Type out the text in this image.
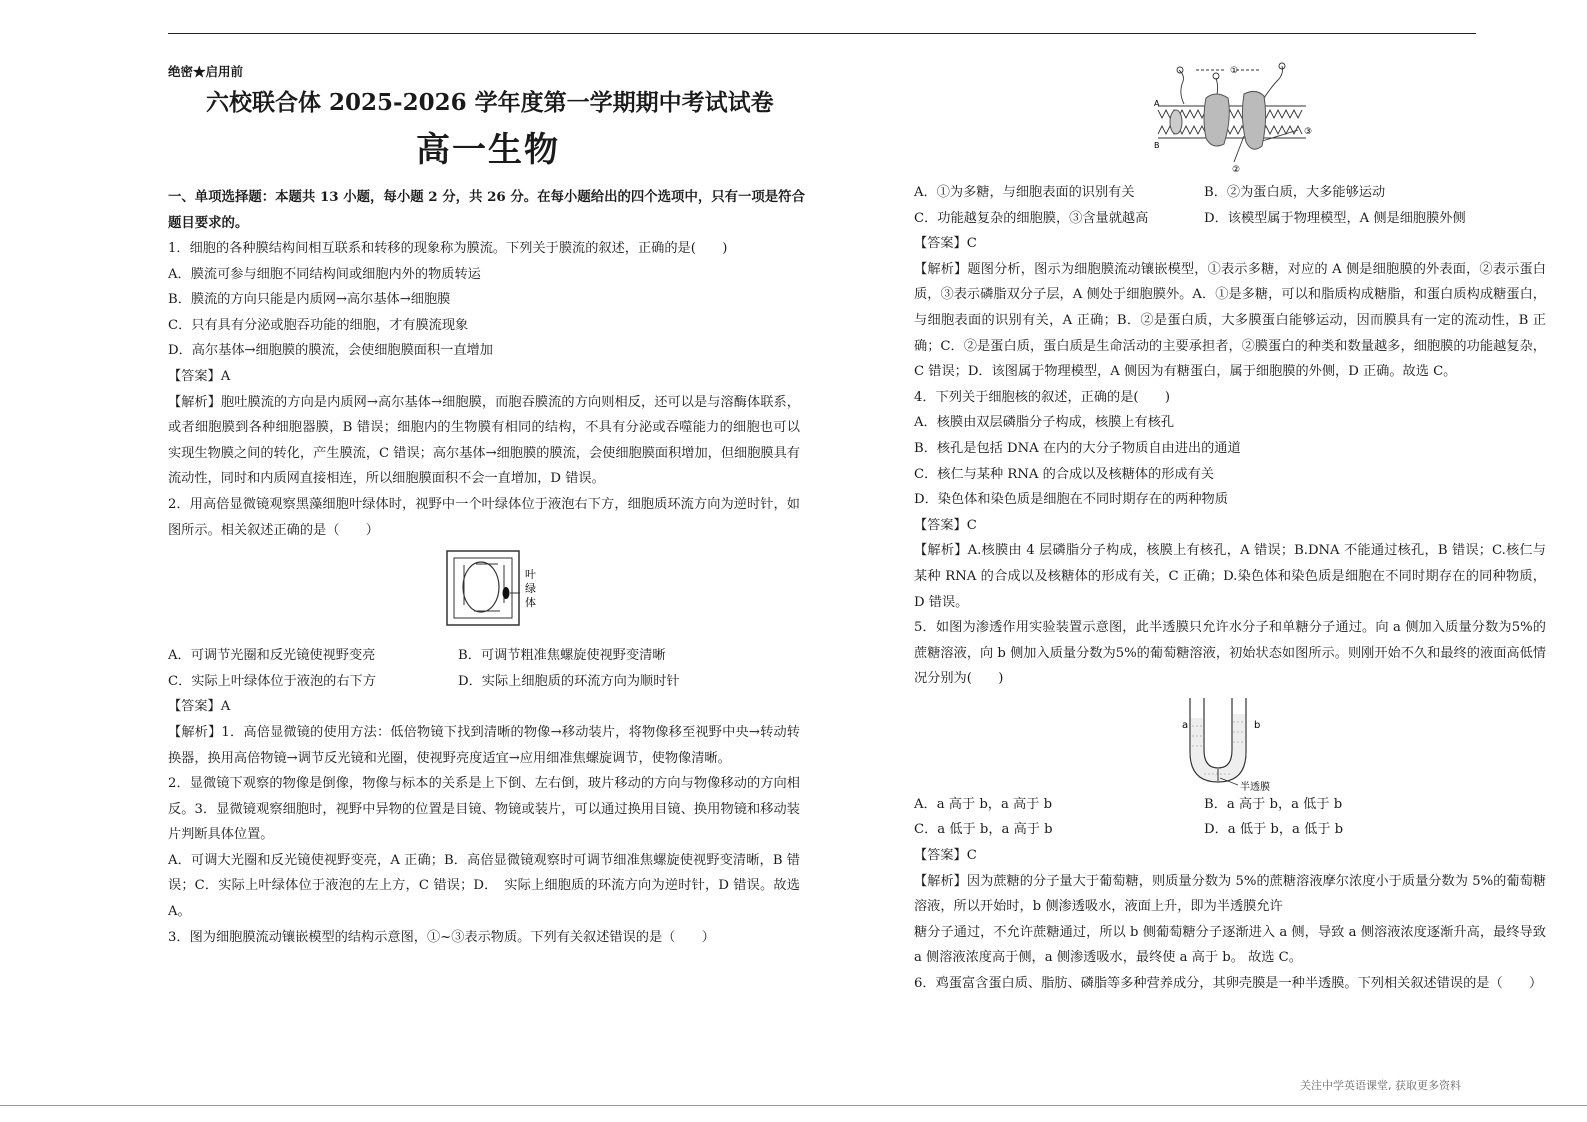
绝密★启用前

六校联合体 2025-2026 学年度第一学期期中考试试卷

高一生物

一、单项选择题：本题共 13 小题，每小题 2 分，共 26 分。在每小题给出的四个选项中，只有一项是符合题目要求的。

1．细胞的各种膜结构间相互联系和转移的现象称为膜流。下列关于膜流的叙述，正确的是(　　)

A．膜流可参与细胞不同结构间或细胞内外的物质转运

B．膜流的方向只能是内质网→高尔基体→细胞膜

C．只有具有分泌或胞吞功能的细胞，才有膜流现象

D．高尔基体→细胞膜的膜流，会使细胞膜面积一直增加

【答案】A

【解析】胞吐膜流的方向是内质网→高尔基体→细胞膜，而胞吞膜流的方向则相反，还可以是与溶酶体联系，或者细胞膜到各种细胞器膜，B 错误；细胞内的生物膜有相同的结构，不具有分泌或吞噬能力的细胞也可以实现生物膜之间的转化，产生膜流，C 错误；高尔基体→细胞膜的膜流，会使细胞膜面积增加，但细胞膜具有流动性，同时和内质网直接相连，所以细胞膜面积不会一直增加，D 错误。

2．用高倍显微镜观察黑藻细胞叶绿体时，视野中一个叶绿体位于液泡右下方，细胞质环流方向为逆时针，如图所示。相关叙述正确的是（　　）

叶绿体
A．可调节光圈和反光镜使视野变亮	B．可调节粗准焦螺旋使视野变清晰
C．实际上叶绿体位于液泡的右下方	D．实际上细胞质的环流方向为顺时针

【答案】A

【解析】1．高倍显微镜的使用方法：低倍物镜下找到清晰的物像→移动装片，将物像移至视野中央→转动转换器，换用高倍物镜→调节反光镜和光圈，使视野亮度适宜→应用细准焦螺旋调节，使物像清晰。

2．显微镜下观察的物像是倒像，物像与标本的关系是上下倒、左右倒，玻片移动的方向与物像移动的方向相反。3．显微镜观察细胞时，视野中异物的位置是目镜、物镜或装片，可以通过换用目镜、换用物镜和移动装片判断具体位置。

A．可调大光圈和反光镜使视野变亮，A 正确；B．高倍显微镜观察时可调节细准焦螺旋使视野变清晰，B 错误；C．实际上叶绿体位于液泡的左上方，C 错误；D．　实际上细胞质的环流方向为逆时针，D 错误。故选 A。

3．图为细胞膜流动镶嵌模型的结构示意图，①~③表示物质。下列有关叙述错误的是（　　）

①
②
③
A
B
A．①为多糖，与细胞表面的识别有关	B．②为蛋白质，大多能够运动
C．功能越复杂的细胞膜，③含量就越高	D．该模型属于物理模型，A 侧是细胞膜外侧

【答案】C

【解析】题图分析，图示为细胞膜流动镶嵌模型，①表示多糖，对应的 A 侧是细胞膜的外表面，②表示蛋白质，③表示磷脂双分子层，A 侧处于细胞膜外。A．①是多糖，可以和脂质构成糖脂，和蛋白质构成糖蛋白，与细胞表面的识别有关，A 正确；B．②是蛋白质，大多膜蛋白能够运动，因而膜具有一定的流动性，B 正确；C．②是蛋白质，蛋白质是生命活动的主要承担者，②膜蛋白的种类和数量越多，细胞膜的功能越复杂，C 错误；D．该图属于物理模型，A 侧因为有糖蛋白，属于细胞膜的外侧，D 正确。故选 C。

4．下列关于细胞核的叙述，正确的是(　　)

A．核膜由双层磷脂分子构成，核膜上有核孔

B．核孔是包括 DNA 在内的大分子物质自由进出的通道

C．核仁与某种 RNA 的合成以及核糖体的形成有关

D．染色体和染色质是细胞在不同时期存在的两种物质

【答案】C

【解析】A.核膜由 4 层磷脂分子构成，核膜上有核孔，A 错误；B.DNA 不能通过核孔，B 错误；C.核仁与某种 RNA 的合成以及核糖体的形成有关，C 正确；D.染色体和染色质是细胞在不同时期存在的同种物质，D 错误。

5．如图为渗透作用实验装置示意图，此半透膜只允许水分子和单糖分子通过。向 a 侧加入质量分数为5%的蔗糖溶液，向 b 侧加入质量分数为5%的葡萄糖溶液，初始状态如图所示。则刚开始不久和最终的液面高低情况分别为(　　)

a	b
半透膜
A．a 高于 b，a 高于 b	B．a 高于 b，a 低于 b
C．a 低于 b，a 高于 b	D．a 低于 b，a 低于 b

【答案】C

【解析】因为蔗糖的分子量大于葡萄糖，则质量分数为 5%的蔗糖溶液摩尔浓度小于质量分数为 5%的葡萄糖溶液，所以开始时，b 侧渗透吸水，液面上升，即为半透膜允许

糖分子通过，不允许蔗糖通过，所以 b 侧葡萄糖分子逐渐进入 a 侧，导致 a 侧溶液浓度逐渐升高，最终导致 a 侧溶液浓度高于侧，a 侧渗透吸水，最终使 a 高于 b。 故选 C。

6．鸡蛋富含蛋白质、脂肪、磷脂等多种营养成分，其卵壳膜是一种半透膜。下列相关叙述错误的是（　　）

关注中学英语课堂, 获取更多资料
